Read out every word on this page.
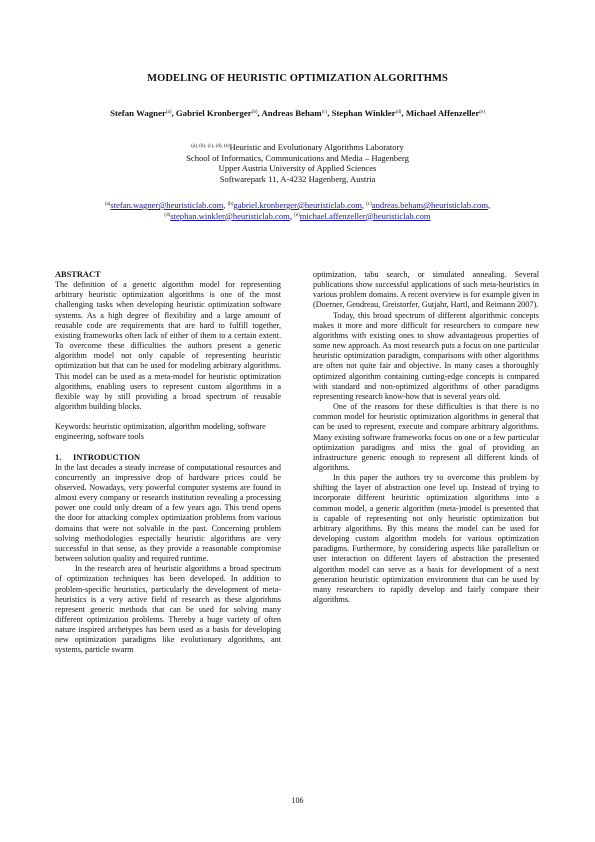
MODELING OF HEURISTIC OPTIMIZATION ALGORITHMS
Stefan Wagner$^{(a)}$, Gabriel Kronberger$^{(b)}$, Andreas Beham$^{(c)}$, Stephan Winkler$^{(d)}$, Michael Affenzeller$^{(e)}$
$^{(a), (b), (c), (d), (e)}$Heuristic and Evolutionary Algorithms Laboratory
School of Informatics, Communications and Media – Hagenberg
Upper Austria University of Applied Sciences
Softwarepark 11, A-4232 Hagenberg, Austria
$^{(a)}$stefan.wagner@heuristiclab.com, $^{(b)}$gabriel.kronberger@heuristiclab.com, $^{(c)}$andreas.beham@heuristiclab.com,
$^{(d)}$stephan.winkler@heuristiclab.com, $^{(e)}$michael.affenzeller@heuristiclab.com

ABSTRACT

The definition of a generic algorithm model for representing arbitrary heuristic optimization algorithms is one of the most challenging tasks when developing heuristic optimization software systems. As a high degree of flexibility and a large amount of reusable code are requirements that are hard to fulfill together, existing frameworks often lack of either of them to a certain extent. To overcome these difficulties the authors present a generic algorithm model not only capable of representing heuristic optimization but that can be used for modeling arbitrary algorithms. This model can be used as a meta-model for heuristic optimization algorithms, enabling users to represent custom algorithms in a flexible way by still providing a broad spectrum of reusable algorithm building blocks.

Keywords: heuristic optimization, algorithm modeling, software engineering, software tools

1. INTRODUCTION

In the last decades a steady increase of computational resources and concurrently an impressive drop of hardware prices could be observed. Nowadays, very powerful computer systems are found in almost every company or research institution revealing a processing power one could only dream of a few years ago. This trend opens the door for attacking complex optimization problems from various domains that were not solvable in the past. Concerning problem solving methodologies especially heuristic algorithms are very successful in that sense, as they provide a reasonable compromise between solution quality and required runtime.

In the research area of heuristic algorithms a broad spectrum of optimization techniques has been developed. In addition to problem-specific heuristics, particularly the development of meta-heuristics is a very active field of research as these algorithms represent generic methods that can be used for solving many different optimization problems. Thereby a huge variety of often nature inspired archetypes has been used as a basis for developing new optimization paradigms like evolutionary algorithms, ant systems, particle swarm

optimization, tabu search, or simulated annealing. Several publications show successful applications of such meta-heuristics in various problem domains. A recent overview is for example given in (Doerner, Gendreau, Greistorfer, Gutjahr, Hartl, and Reimann 2007).

Today, this broad spectrum of different algorithmic concepts makes it more and more difficult for researchers to compare new algorithms with existing ones to show advantageous properties of some new approach. As most research puts a focus on one particular heuristic optimization paradigm, comparisons with other algorithms are often not quite fair and objective. In many cases a thoroughly optimized algorithm containing cutting-edge concepts is compared with standard and non-optimized algorithms of other paradigms representing research know-how that is several years old.

One of the reasons for these difficulties is that there is no common model for heuristic optimization algorithms in general that can be used to represent, execute and compare arbitrary algorithms. Many existing software frameworks focus on one or a few particular optimization paradigms and miss the goal of providing an infrastructure generic enough to represent all different kinds of algorithms.

In this paper the authors try to overcome this problem by shifting the layer of abstraction one level up. Instead of trying to incorporate different heuristic optimization algorithms into a common model, a generic algorithm (meta-)model is presented that is capable of representing not only heuristic optimization but arbitrary algorithms. By this means the model can be used for developing custom algorithm models for various optimization paradigms. Furthermore, by considering aspects like parallelism or user interaction on different layers of abstraction the presented algorithm model can serve as a basis for development of a next generation heuristic optimization environment that can be used by many researchers to rapidly develop and fairly compare their algorithms.

106
